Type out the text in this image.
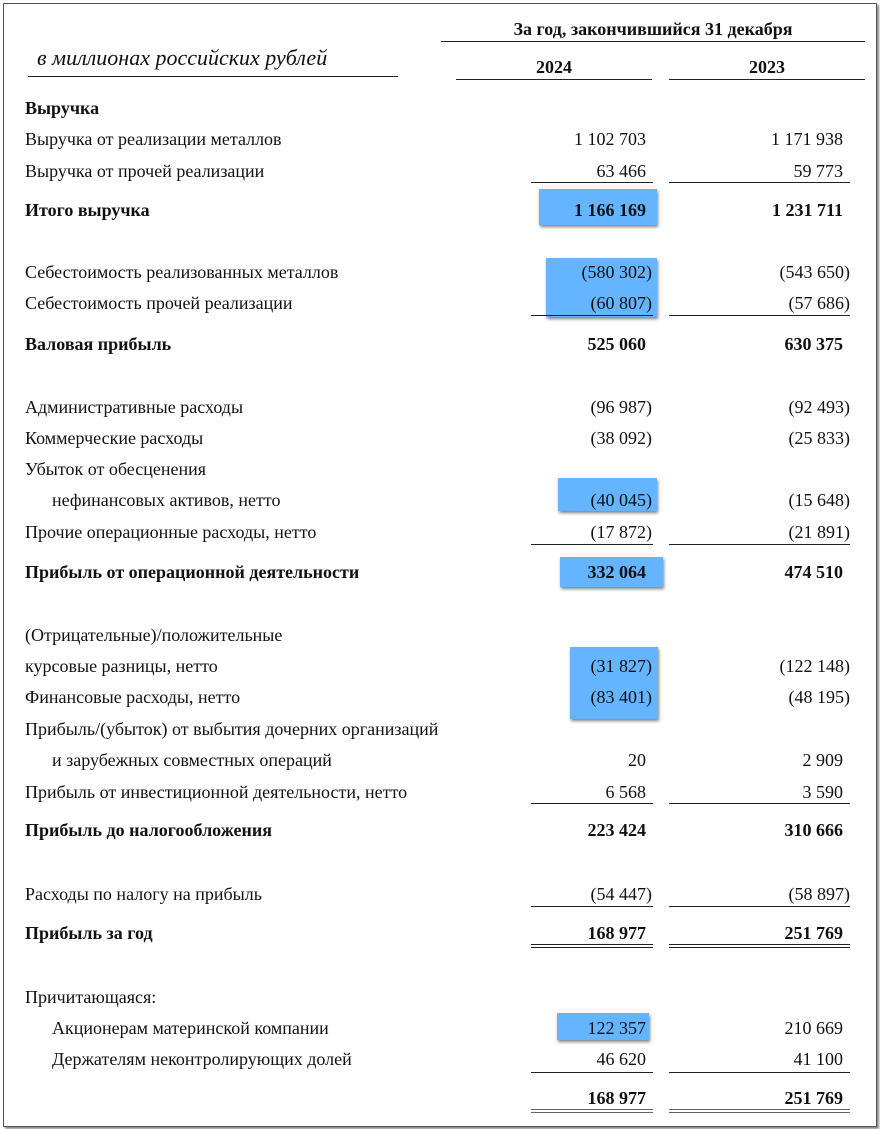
За год, закончившийся 31 декабря
в миллионах российских рублей	2024	2023
Выручка
Выручка от реализации металлов	1 102 703	1 171 938
Выручка от прочей реализации	63 466	59 773
Итого выручка	1 166 169	1 231 711
Себестоимость реализованных металлов	(580 302)	(543 650)
Себестоимость прочей реализации	(60 807)	(57 686)
Валовая прибыль	525 060	630 375
Административные расходы	(96 987)	(92 493)
Коммерческие расходы	(38 092)	(25 833)
Убыток от обесценения
нефинансовых активов, нетто	(40 045)	(15 648)
Прочие операционные расходы, нетто	(17 872)	(21 891)
Прибыль от операционной деятельности	332 064	474 510
(Отрицательные)/положительные
курсовые разницы, нетто	(31 827)	(122 148)
Финансовые расходы, нетто	(83 401)	(48 195)
Прибыль/(убыток) от выбытия дочерних организаций
и зарубежных совместных операций	20	2 909
Прибыль от инвестиционной деятельности, нетто	6 568	3 590
Прибыль до налогообложения	223 424	310 666
Расходы по налогу на прибыль	(54 447)	(58 897)
Прибыль за год	168 977	251 769
Причитающаяся:
Акционерам материнской компании	122 357	210 669
Держателям неконтролирующих долей	46 620	41 100
168 977	251 769
